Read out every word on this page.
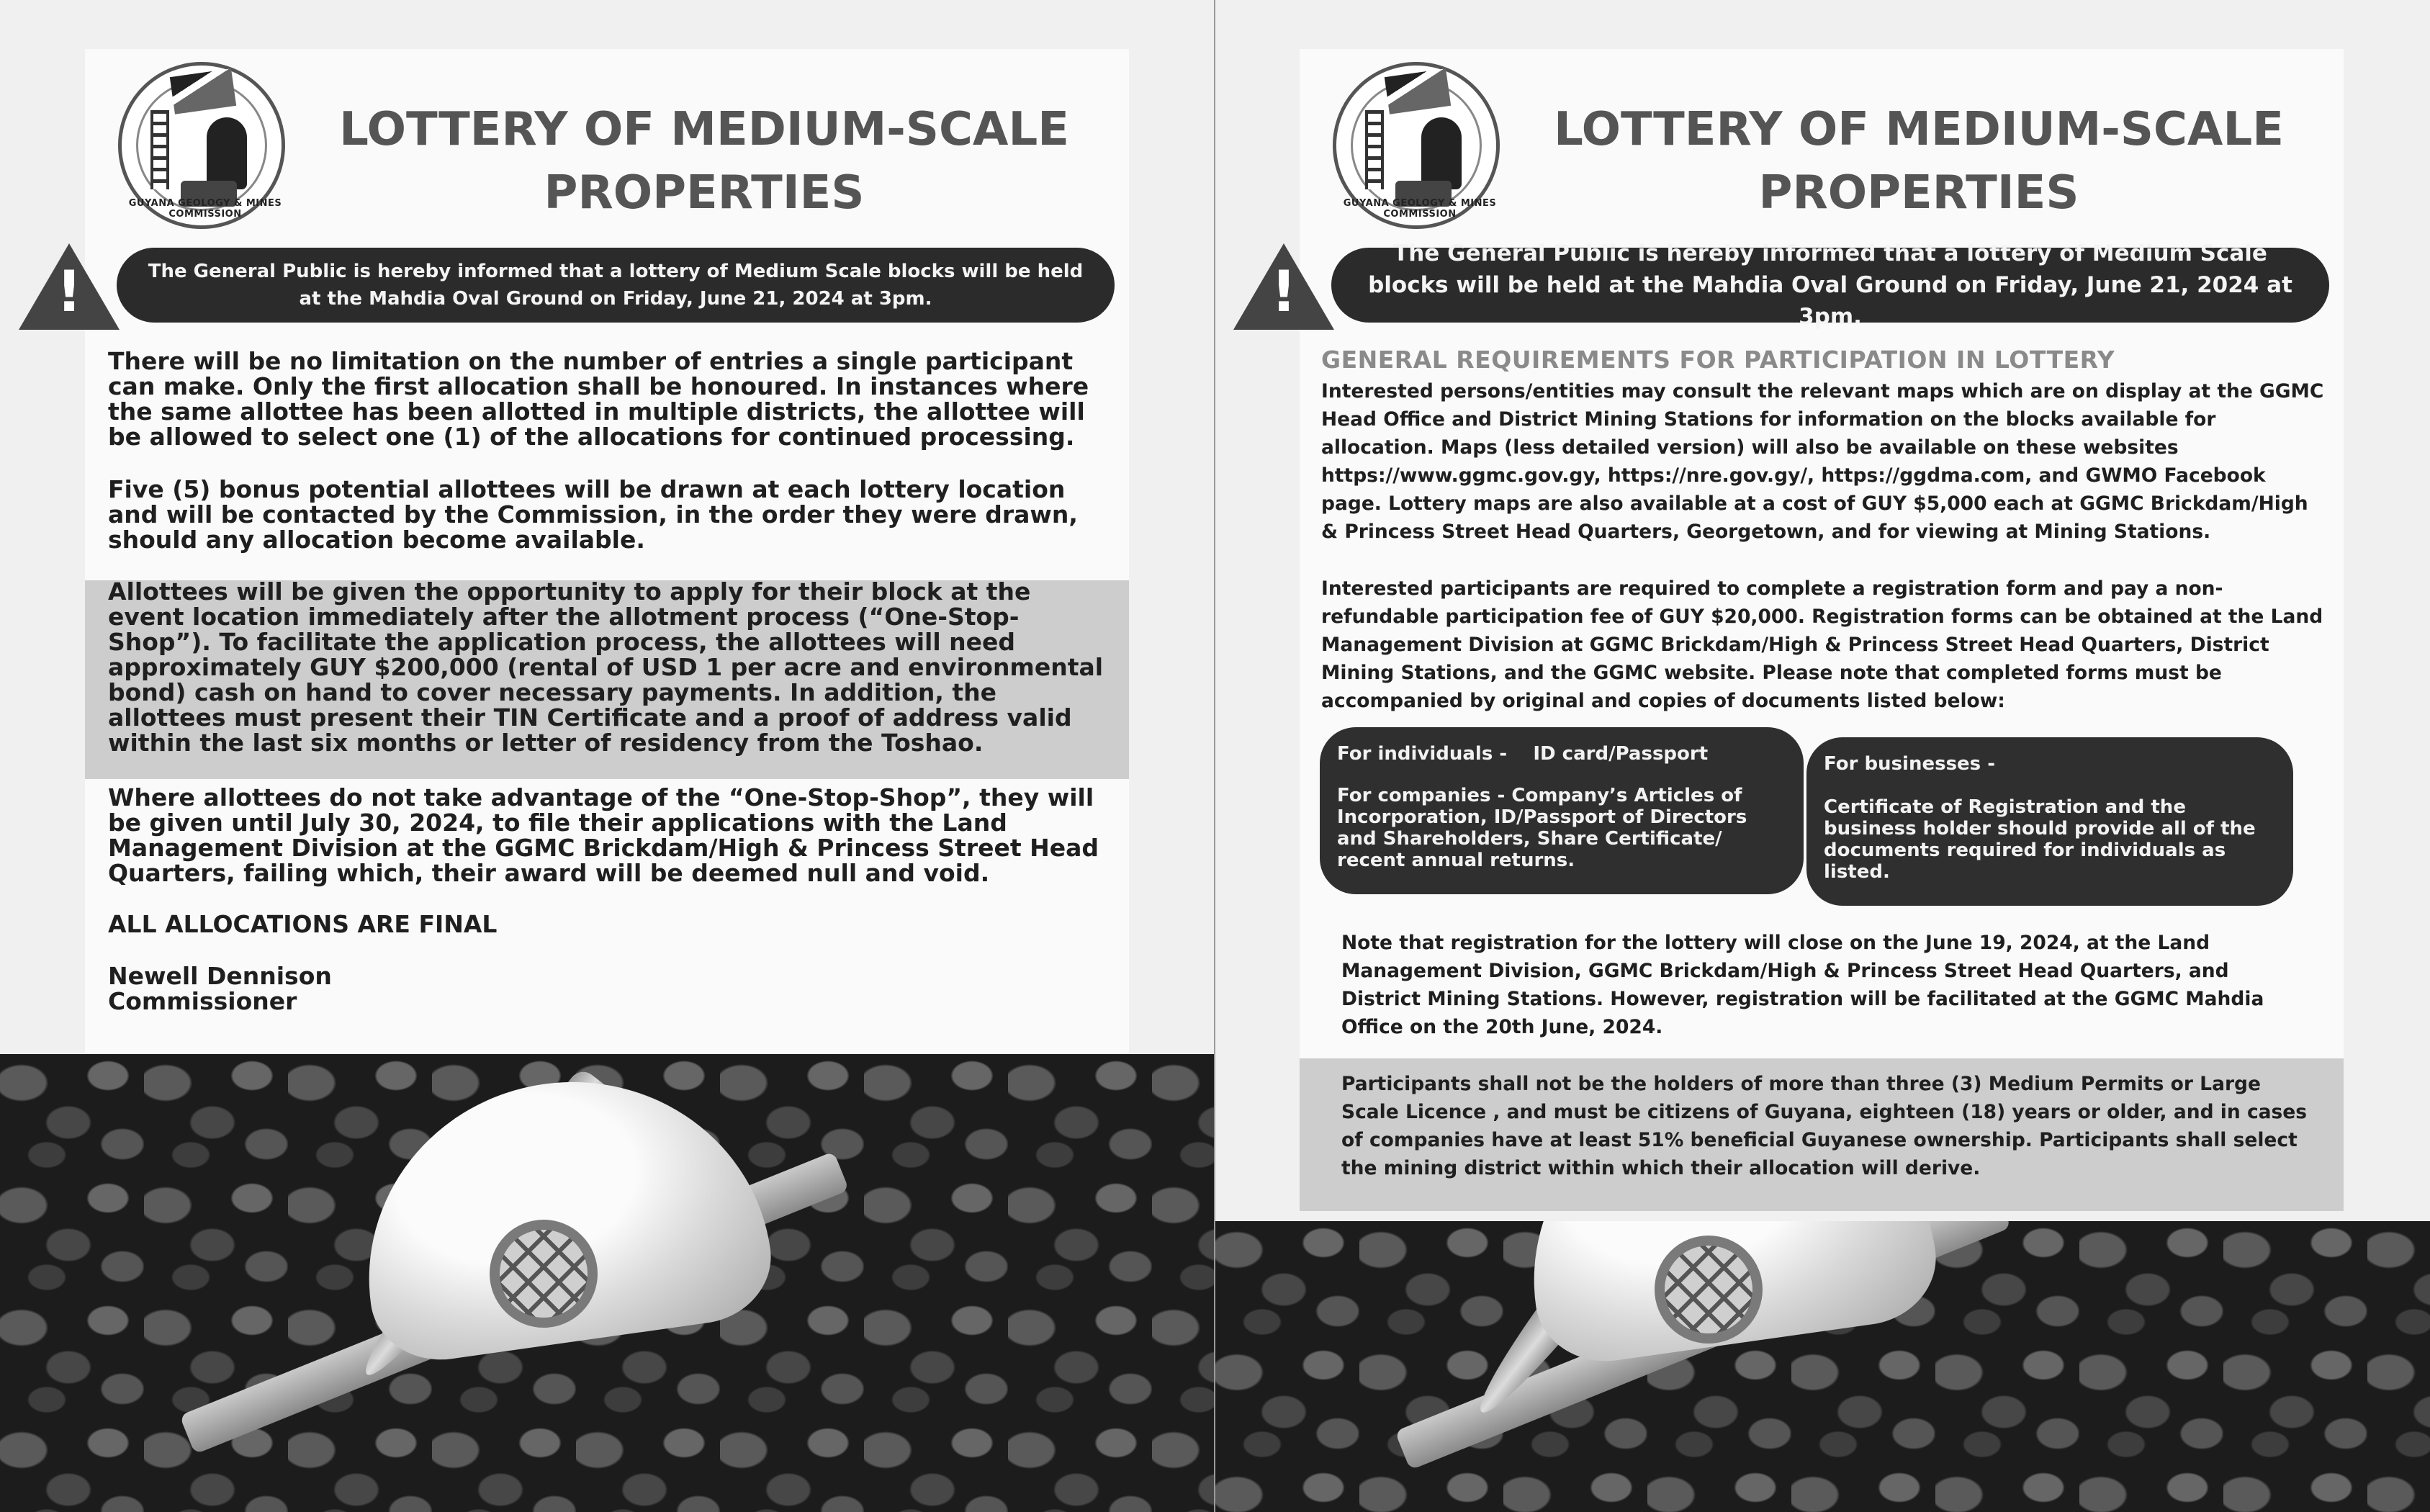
GUYANA GEOLOGY & MINES COMMISSION
LOTTERY OF MEDIUM-SCALE
PROPERTIES
!	The General Public is hereby informed that a lottery of Medium Scale blocks will be held at the Mahdia Oval Ground on Friday, June 21, 2024 at 3pm.
There will be no limitation on the number of entries a single participant can make. Only the first allocation shall be honoured. In instances where the same allottee has been allotted in multiple districts, the allottee will be allowed to select one (1) of the allocations for continued processing.
Five (5) bonus potential allottees will be drawn at each lottery location and will be contacted by the Commission, in the order they were drawn, should any allocation become available.
Allottees will be given the opportunity to apply for their block at the event location immediately after the allotment process (“One-Stop-Shop”). To facilitate the application process, the allottees will need approximately GUY $200,000 (rental of USD 1 per acre and environmental bond) cash on hand to cover necessary payments. In addition, the allottees must present their TIN Certificate and a proof of address valid within the last six months or letter of residency from the Toshao.
Where allottees do not take advantage of the “One-Stop-Shop”, they will be given until July 30, 2024, to file their applications with the Land Management Division at the GGMC Brickdam/High & Princess Street Head Quarters, failing which, their award will be deemed null and void.
ALL ALLOCATIONS ARE FINAL
Newell Dennison
Commissioner
GUYANA GEOLOGY & MINES COMMISSION
LOTTERY OF MEDIUM-SCALE
PROPERTIES
!
The General Public is hereby informed that a lottery of Medium Scale blocks will be held at the Mahdia Oval Ground on Friday, June 21, 2024 at 3pm.
GENERAL REQUIREMENTS FOR PARTICIPATION IN LOTTERY
Interested persons/entities may consult the relevant maps which are on display at the GGMC Head Office and District Mining Stations for information on the blocks available for allocation. Maps (less detailed version) will also be available on these websites https://www.ggmc.gov.gy, https://nre.gov.gy/, https://ggdma.com, and GWMO Facebook page. Lottery maps are also available at a cost of GUY $5,000 each at GGMC Brickdam/High & Princess Street Head Quarters, Georgetown, and for viewing at Mining Stations.
Interested participants are required to complete a registration form and pay a non-refundable participation fee of GUY $20,000. Registration forms can be obtained at the Land Management Division at GGMC Brickdam/High & Princess Street Head Quarters, District Mining Stations, and the GGMC website. Please note that completed forms must be accompanied by original and copies of documents listed below:

For individuals - ID card/Passport

For companies - Company’s Articles of Incorporation, ID/Passport of Directors and Shareholders, Share Certificate/ recent annual returns.

For businesses -

Certificate of Registration and the business holder should provide all of the documents required for individuals as listed.

Note that registration for the lottery will close on the June 19, 2024, at the Land Management Division, GGMC Brickdam/High & Princess Street Head Quarters, and District Mining Stations. However, registration will be facilitated at the GGMC Mahdia Office on the 20th June, 2024.
Participants shall not be the holders of more than three (3) Medium Permits or Large Scale Licence , and must be citizens of Guyana, eighteen (18) years or older, and in cases of companies have at least 51% beneficial Guyanese ownership. Participants shall select the mining district within which their allocation will derive.
